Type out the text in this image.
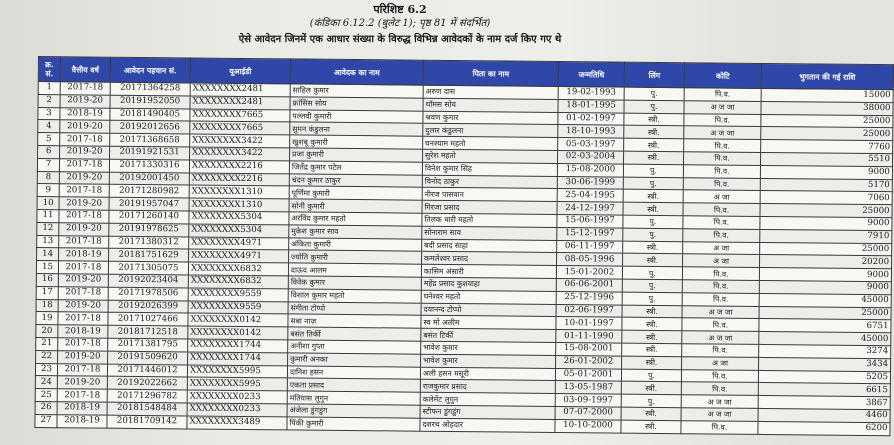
परिशिष्ट 6.2
(कंडिका 6.12.2 (बुलेट 1); पृष्ठ 81 में संदर्भित)
ऐसे आवेदन जिनमें एक आधार संख्या के विरुद्ध विभिन्न आवेदकों के नाम दर्ज किए गए थे
क्र. सं.	वैत्तीय वर्ष	आवेदन पहचान सं.	यूआईडी	आवेदक का नाम	पिता का नाम	जन्मतिथि	लिंग	कोटि	भुगतान की गई राशि
1	2017-18	20171364258	XXXXXXXX2481	साहिल कुमार	अरुण दास	19-02-1993	पु.	पि.व.	15000
2	2019-20	20191952050	XXXXXXXX2481	फ्रांसिस सोय	थॉमस सोय	18-01-1995	पु.	अ ज जा	38000
3	2018-19	20181490405	XXXXXXXX7665	पल्लवी कुमारी	श्रवण कुमार	01-02-1997	स्त्री.	पि.व.	25000
4	2019-20	20192012656	XXXXXXXX7665	सुमन कंडुलना	दुलार कंडुलना	18-10-1993	स्त्री.	अ ज जा	25000
5	2017-18	20171368658	XXXXXXXX3422	खुशबू कुमारी	घनश्याम महतो	05-03-1997	स्त्री.	पि.व.	7760
6	2019-20	20191921531	XXXXXXXX3422	प्रजा कुमारी	सुरेश महतो	02-03-2004	स्त्री.	पि.व.	5510
7	2017-18	20171330316	XXXXXXXX2216	जितेंद्र कुमार पटेल	विनेश कुमार सिंह	15-08-2000	पु.	पि.व.	9000
8	2019-20	20192001450	XXXXXXXX2216	चंदन कुमार ठाकुर	विनोद ठाकुर	30-06-1999	पु.	पि.व.	5170
9	2017-18	20171280982	XXXXXXXX1310	पूर्णिमा कुमारी	नीरज पासवान	25-04-1995	स्त्री.	अ जा	7060
10	2019-20	20191957047	XXXXXXXX1310	सोनी कुमारी	गिरजा प्रसाद	24-12-1997	स्त्री.	पि.व.	25000
11	2017-18	20171260140	XXXXXXXX5304	अरविंद कुमार महतो	तिलक धारी महतो	15-06-1997	पु.	पि.व.	9000
12	2019-20	20191978625	XXXXXXXX5304	मुकेश कुमार साव	सोनाराम साव	15-12-1997	पु.	पि.व.	7910
13	2017-18	20171380312	XXXXXXXX4971	अंकिता कुमारी	बदी प्रसाद साहा	06-11-1997	स्त्री.	अ जा	25000
14	2018-19	20181751629	XXXXXXXX4971	ज्योति कुमारी	कमलेश्वर प्रसाद	08-05-1996	स्त्री.	अ जा	20200
15	2017-18	20171305075	XXXXXXXX6832	दाऊद आलम	कासिम अंसारी	15-01-2002	पु.	पि.व.	9000
16	2019-20	20192023404	XXXXXXXX6832	विवेक कुमार	महेंद्र प्रसाद कुशवाहा	06-06-2001	पु.	पि.व.	9000
17	2017-18	20171978506	XXXXXXXX9559	विशाल कुमार महतो	घनेश्वर महतो	25-12-1996	पु.	पि.व.	45000
18	2019-20	20192026399	XXXXXXXX9559	संगीता टोप्पो	दयानन्द टोप्पो	02-06-1997	स्त्री.	अ ज जा	25000
19	2017-18	20171027466	XXXXXXXX0142	सबा नाज़	स्व मो अलीम	10-01-1997	स्त्री.	पि.व.	6751
20	2018-19	20181712518	XXXXXXXX0142	बसंत तिर्की	बसंत टिर्की	01-11-1990	स्त्री.	अ ज जा	45000
21	2017-18	20171381795	XXXXXXXX1744	अनीशा गुप्ता	भावेश कुमार	15-08-2001	स्त्री.	पि.व.	3274
22	2019-20	20191509620	XXXXXXXX1744	कुमारी अनका	भावेश कुमार	26-01-2002	स्त्री.	अ जा	3434
23	2017-18	20171446012	XXXXXXXX5995	दानिश हसन	अली हसन मसूरी	05-01-2001	पु.	पि.व.	5205
24	2019-20	20192022662	XXXXXXXX5995	एकता प्रसाद	राजकुमार प्रसाद	13-05-1987	स्त्री.	पि.व.	6615
25	2017-18	20171296782	XXXXXXXX0233	मतियास लुगुन	कलेमेंट लुगुन	03-09-1997	पु.	अ ज जा	3867
26	2018-19	20181548484	XXXXXXXX0233	अंजेला डुंगडुंग	स्टीफन डुंगडुंग	07-07-2000	स्त्री.	अ ज जा	4460
27	2018-19	20181709142	XXXXXXXX3489	पिंकी कुमारी	दशरथ ओहदार	10-10-2000	स्त्री.	पि.व.	6200
